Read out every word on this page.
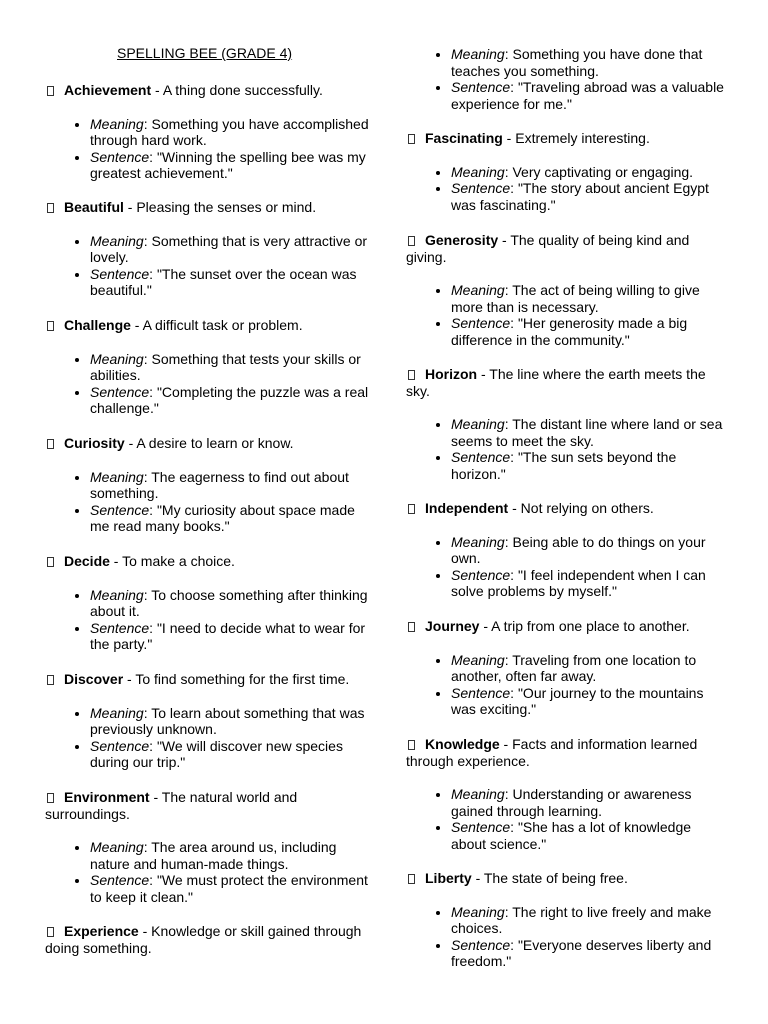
SPELLING BEE (GRADE 4)
Achievement - A thing done successfully.
• Meaning: Something you have accomplished through hard work.
• Sentence: "Winning the spelling bee was my greatest achievement."
Beautiful - Pleasing the senses or mind.
• Meaning: Something that is very attractive or lovely.
• Sentence: "The sunset over the ocean was beautiful."
Challenge - A difficult task or problem.
• Meaning: Something that tests your skills or abilities.
• Sentence: "Completing the puzzle was a real challenge."
Curiosity - A desire to learn or know.
• Meaning: The eagerness to find out about something.
• Sentence: "My curiosity about space made me read many books."
Decide - To make a choice.
• Meaning: To choose something after thinking about it.
• Sentence: "I need to decide what to wear for the party."
Discover - To find something for the first time.
• Meaning: To learn about something that was previously unknown.
• Sentence: "We will discover new species during our trip."
Environment - The natural world and surroundings.
• Meaning: The area around us, including nature and human-made things.
• Sentence: "We must protect the environment to keep it clean."
Experience - Knowledge or skill gained through doing something.
• Meaning: Something you have done that teaches you something.
• Sentence: "Traveling abroad was a valuable experience for me."
Fascinating - Extremely interesting.
• Meaning: Very captivating or engaging.
• Sentence: "The story about ancient Egypt was fascinating."
Generosity - The quality of being kind and giving.
• Meaning: The act of being willing to give more than is necessary.
• Sentence: "Her generosity made a big difference in the community."
Horizon - The line where the earth meets the sky.
• Meaning: The distant line where land or sea seems to meet the sky.
• Sentence: "The sun sets beyond the horizon."
Independent - Not relying on others.
• Meaning: Being able to do things on your own.
• Sentence: "I feel independent when I can solve problems by myself."
Journey - A trip from one place to another.
• Meaning: Traveling from one location to another, often far away.
• Sentence: "Our journey to the mountains was exciting."
Knowledge - Facts and information learned through experience.
• Meaning: Understanding or awareness gained through learning.
• Sentence: "She has a lot of knowledge about science."
Liberty - The state of being free.
• Meaning: The right to live freely and make choices.
• Sentence: "Everyone deserves liberty and freedom."
